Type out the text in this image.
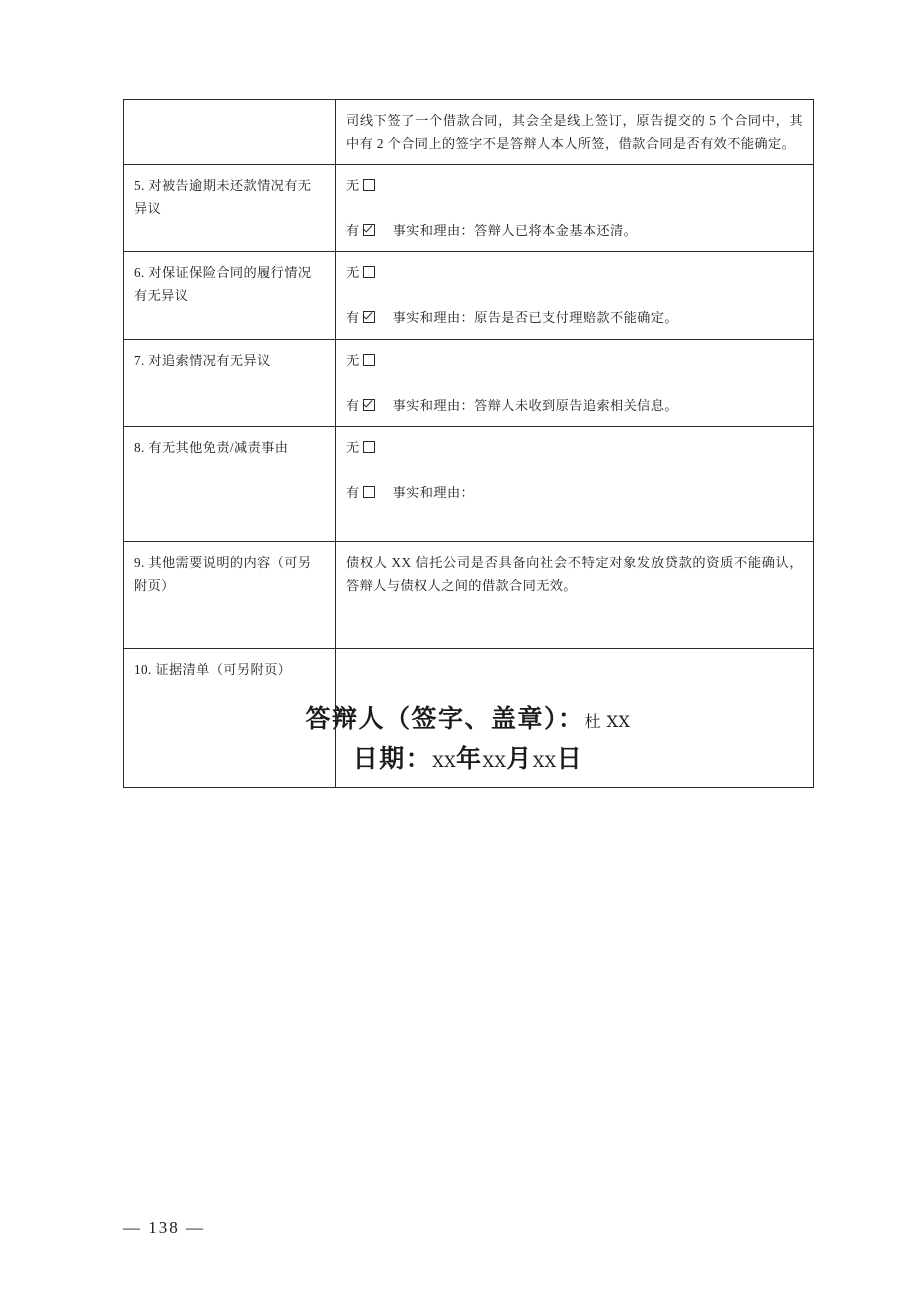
	司线下签了一个借款合同，其会全是线上签订，原告提交的 5 个合同中，其中有 2 个合同上的签字不是答辩人本人所签，借款合同是否有效不能确定。

5. 对被告逾期未还款情况有无异议	无
有 事实和理由：答辩人已将本金基本还清。

6. 对保证保险合同的履行情况有无异议	无
有 事实和理由：原告是否已支付理赔款不能确定。

7. 对追索情况有无异议	无
有 事实和理由：答辩人未收到原告追索相关信息。

8. 有无其他免责/减责事由	无
有 事实和理由：

9. 其他需要说明的内容（可另附页）	债权人 XX 信托公司是否具备向社会不特定对象发放贷款的资质不能确认，答辩人与债权人之间的借款合同无效。

10. 证据清单（可另附页）	

答辩人（签字、盖章）：杜 XX
日期：XX年XX月XX日
— 138 —
